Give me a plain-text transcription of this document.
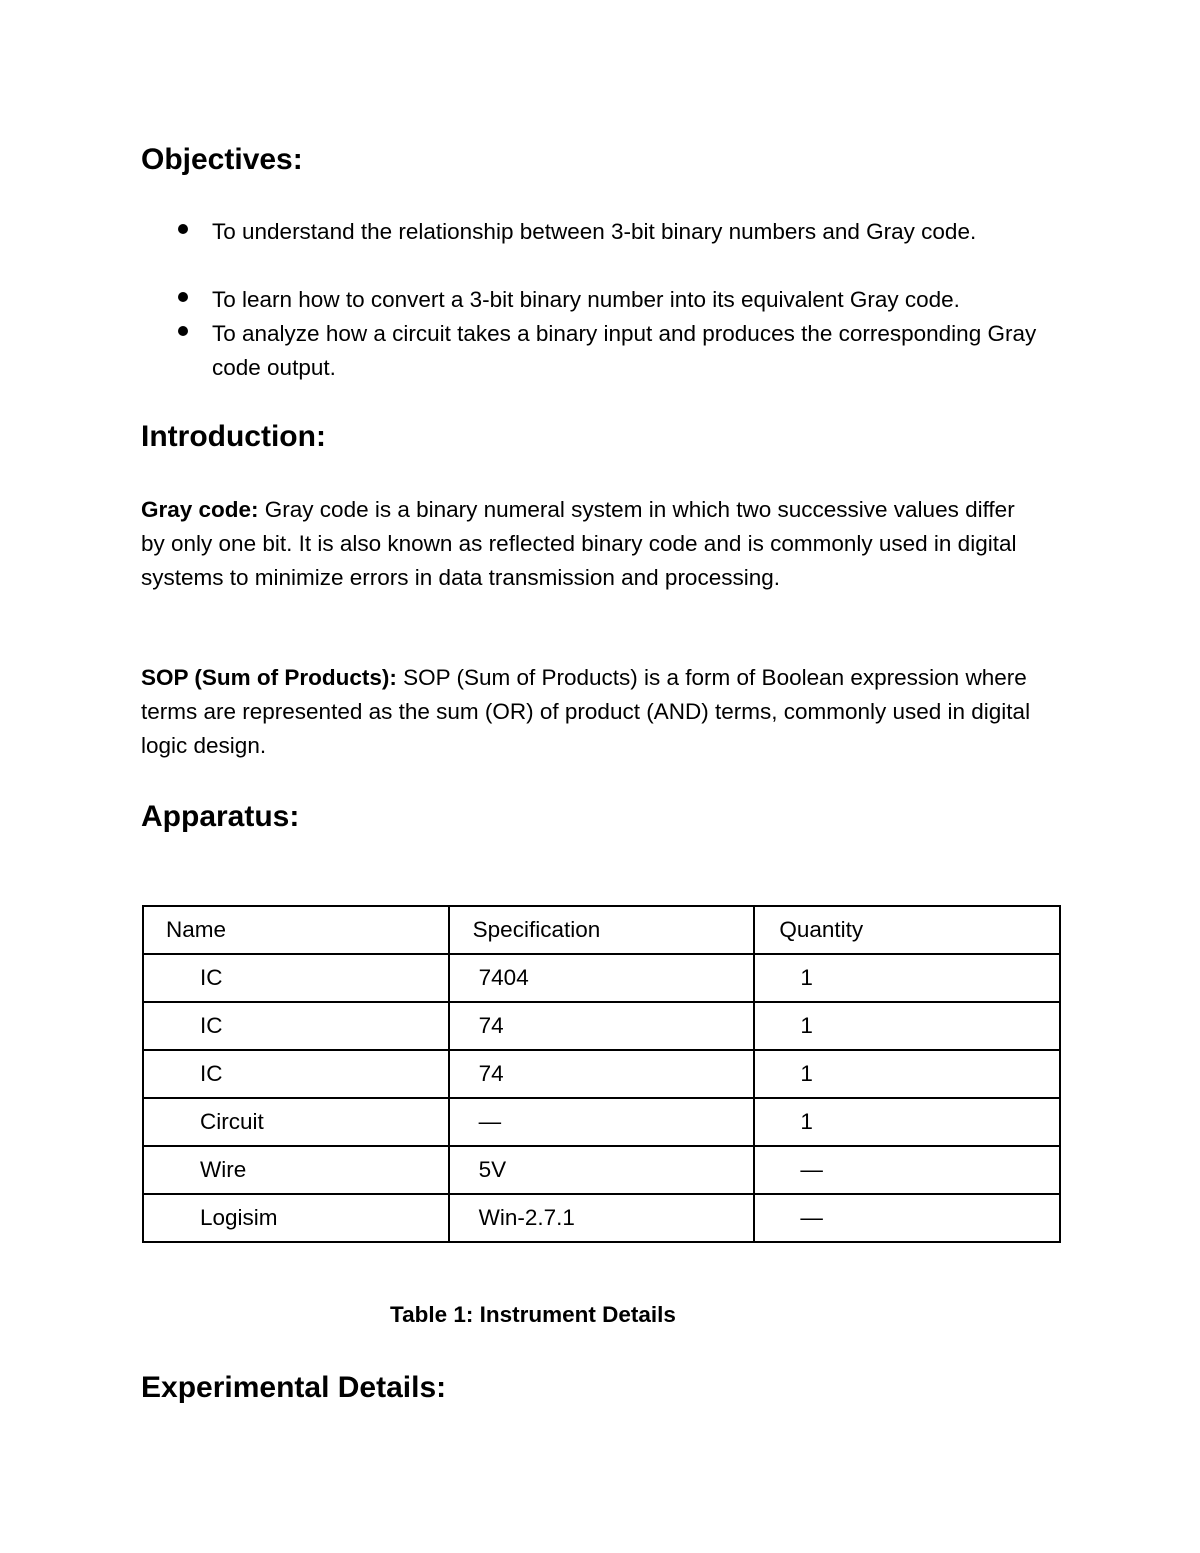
Objectives:
To understand the relationship between 3-bit binary numbers and Gray code.
To learn how to convert a 3-bit binary number into its equivalent Gray code.
To analyze how a circuit takes a binary input and produces the corresponding Gray code output.
Introduction:

Gray code: Gray code is a binary numeral system in which two successive values differ by only one bit. It is also known as reflected binary code and is commonly used in digital systems to minimize errors in data transmission and processing.

SOP (Sum of Products): SOP (Sum of Products) is a form of Boolean expression where terms are represented as the sum (OR) of product (AND) terms, commonly used in digital logic design.

Apparatus:
Name	Specification	Quantity
IC	7404	1
IC	74	1
IC	74	1
Circuit	—	1
Wire	5V	—
Logisim	Win-2.7.1	—

Table 1: Instrument Details

Experimental Details:
